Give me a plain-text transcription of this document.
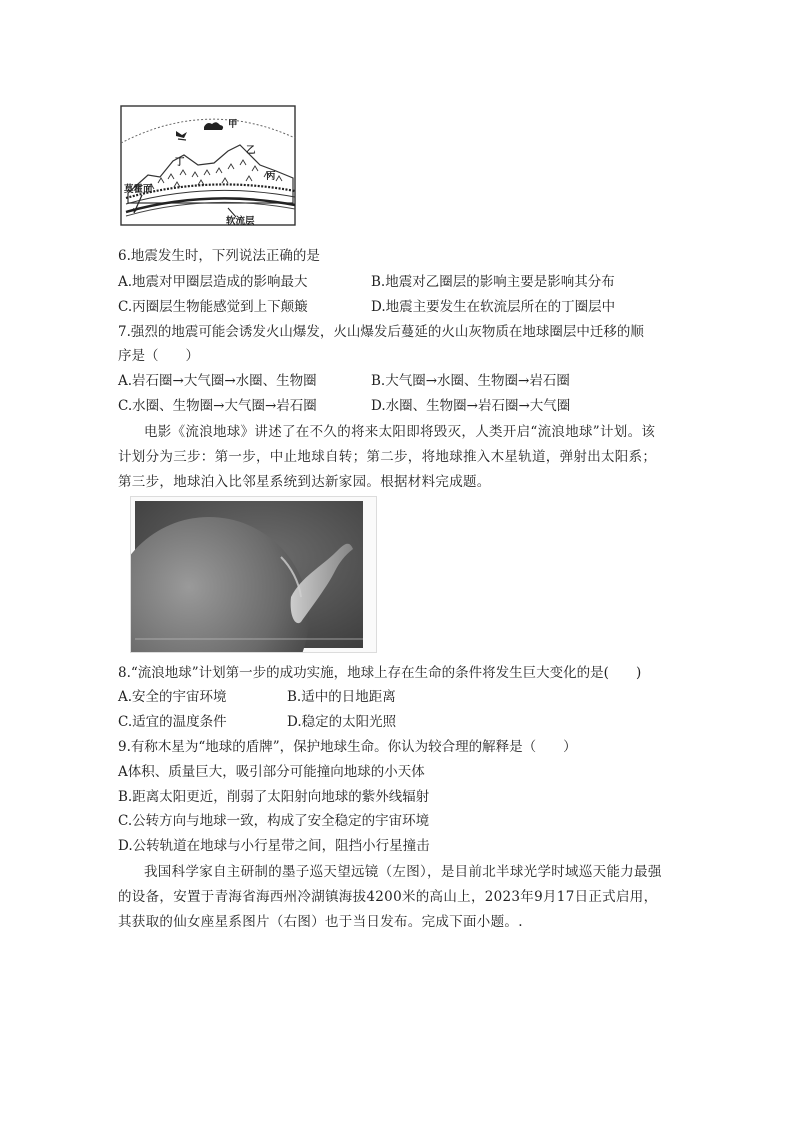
甲
乙
丙
丁
莫霍面
软流层
6.地震发生时，下列说法正确的是
A.地震对甲圈层造成的影响最大	B.地震对乙圈层的影响主要是影响其分布
C.丙圈层生物能感觉到上下颠簸	D.地震主要发生在软流层所在的丁圈层中
7.强烈的地震可能会诱发火山爆发，火山爆发后蔓延的火山灰物质在地球圈层中迁移的顺
序是（　　）
A.岩石圈→大气圈→水圈、生物圈	B.大气圈→水圈、生物圈→岩石圈
C.水圈、生物圈→大气圈→岩石圈	D.水圈、生物圈→岩石圈→大气圈
电影《流浪地球》讲述了在不久的将来太阳即将毁灭，人类开启“流浪地球”计划。该
计划分为三步：第一步，中止地球自转；第二步，将地球推入木星轨道，弹射出太阳系；
第三步，地球泊入比邻星系统到达新家园。根据材料完成题。
8.“流浪地球”计划第一步的成功实施，地球上存在生命的条件将发生巨大变化的是(　　)
A.安全的宇宙环境	B.适中的日地距离
C.适宜的温度条件	D.稳定的太阳光照
9.有称木星为“地球的盾牌”，保护地球生命。你认为较合理的解释是（　　）
A体积、质量巨大，吸引部分可能撞向地球的小天体
B.距离太阳更近，削弱了太阳射向地球的紫外线辐射
C.公转方向与地球一致，构成了安全稳定的宇宙环境
D.公转轨道在地球与小行星带之间，阻挡小行星撞击
我国科学家自主研制的墨子巡天望远镜（左图），是目前北半球光学时域巡天能力最强
的设备，安置于青海省海西州冷湖镇海拔4200米的高山上，2023年9月17日正式启用，
其获取的仙女座星系图片（右图）也于当日发布。完成下面小题。.
